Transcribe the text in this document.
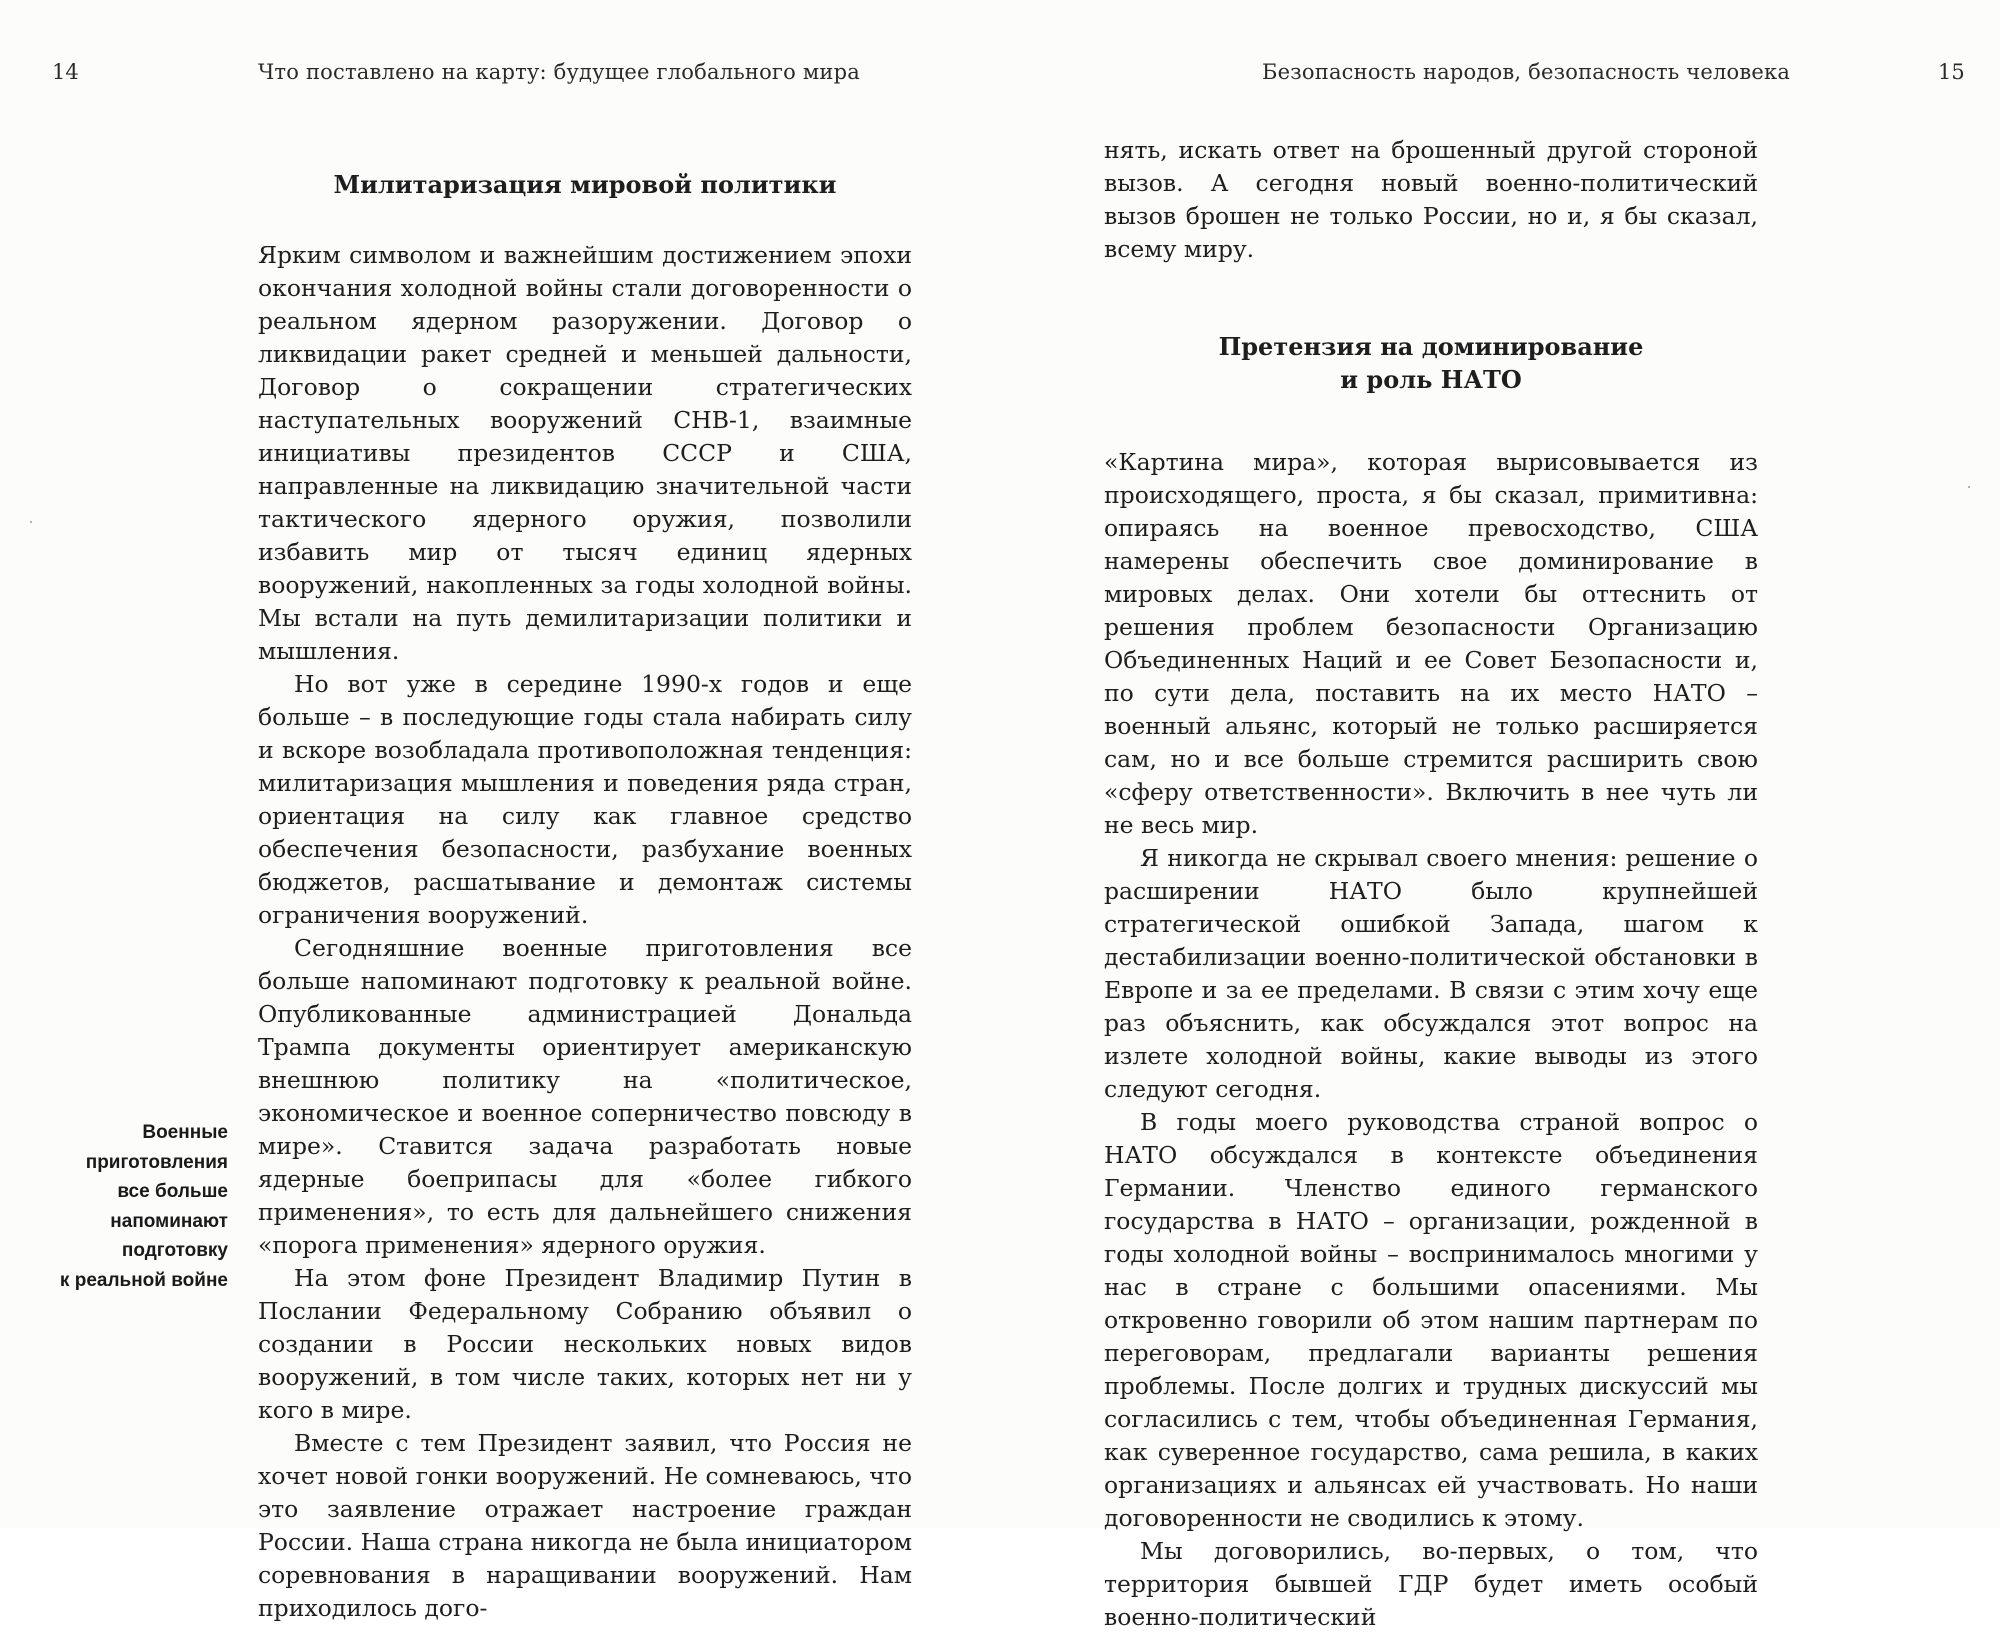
14	Что поставлено на карту: будущее глобального мира
Милитаризация мировой политики

Ярким символом и важнейшим достижением эпохи окончания холодной войны стали договоренности о реальном ядерном разоружении. Договор о ликвидации ракет средней и меньшей дальности, Договор о сокращении стратегических наступательных вооружений СНВ-1, взаимные инициативы президентов СССР и США, направленные на ликвидацию значительной части тактического ядерного оружия, позволили избавить мир от тысяч единиц ядерных вооружений, накопленных за годы холодной войны. Мы встали на путь демилитаризации политики и мышления.

Но вот уже в середине 1990-х годов и еще больше – в последующие годы стала набирать силу и вскоре возобладала противоположная тенденция: милитаризация мышления и поведения ряда стран, ориентация на силу как главное средство обеспечения безопасности, разбухание военных бюджетов, расшатывание и демонтаж системы ограничения вооружений.

Сегодняшние военные приготовления все больше напоминают подготовку к реальной войне. Опубликованные администрацией Дональда Трампа документы ориентирует американскую внешнюю политику на «политическое, экономическое и военное соперничество повсюду в мире». Ставится задача разработать новые ядерные боеприпасы для «более гибкого применения», то есть для дальнейшего снижения «порога применения» ядерного оружия.

На этом фоне Президент Владимир Путин в Послании Федеральному Собранию объявил о создании в России нескольких новых видов вооружений, в том числе таких, которых нет ни у кого в мире.

Вместе с тем Президент заявил, что Россия не хочет новой гонки вооружений. Не сомневаюсь, что это заявление отражает настроение граждан России. Наша страна никогда не была инициатором соревнования в наращивании вооружений. Нам приходилось дого-

Военные
приготовления
все больше
напоминают
подготовку
к реальной войне
Безопасность народов, безопасность человека	15

нять, искать ответ на брошенный другой стороной вызов. А сегодня новый военно-политический вызов брошен не только России, но и, я бы сказал, всему миру.

Претензия на доминирование
и роль НАТО

«Картина мира», которая вырисовывается из происходящего, проста, я бы сказал, примитивна: опираясь на военное превосходство, США намерены обеспечить свое доминирование в мировых делах. Они хотели бы оттеснить от решения проблем безопасности Организацию Объединенных Наций и ее Совет Безопасности и, по сути дела, поставить на их место НАТО – военный альянс, который не только расширяется сам, но и все больше стремится расширить свою «сферу ответственности». Включить в нее чуть ли не весь мир.

Я никогда не скрывал своего мнения: решение о расширении НАТО было крупнейшей стратегической ошибкой Запада, шагом к дестабилизации военно-политической обстановки в Европе и за ее пределами. В связи с этим хочу еще раз объяснить, как обсуждался этот вопрос на излете холодной войны, какие выводы из этого следуют сегодня.

В годы моего руководства страной вопрос о НАТО обсуждался в контексте объединения Германии. Членство единого германского государства в НАТО – организации, рожденной в годы холодной войны – воспринималось многими у нас в стране с большими опасениями. Мы откровенно говорили об этом нашим партнерам по переговорам, предлагали варианты решения проблемы. После долгих и трудных дискуссий мы согласились с тем, чтобы объединенная Германия, как суверенное государство, сама решила, в каких организациях и альянсах ей участвовать. Но наши договоренности не сводились к этому.

Мы договорились, во-первых, о том, что территория бывшей ГДР будет иметь особый военно-политический
